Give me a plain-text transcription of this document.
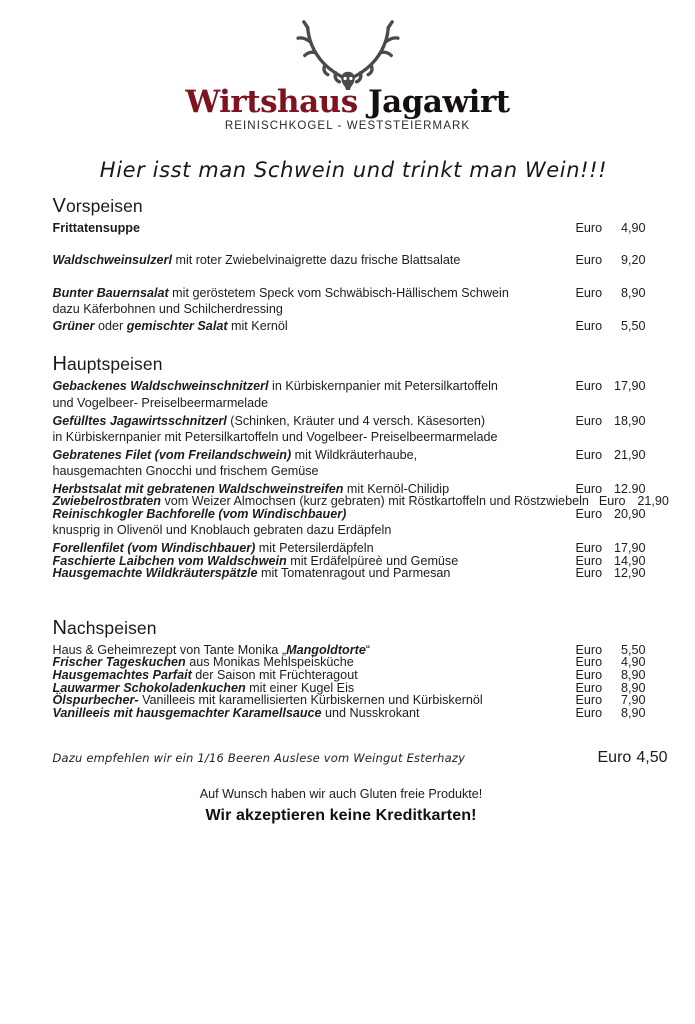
Wirtshaus Jagawirt
REINISCHKOGEL - WESTSTEIERMARK
Hier isst man Schwein und trinkt man Wein!!!
Vorspeisen
Frittatensuppe	Euro 4,90
Waldschweinsulzerl mit roter Zwiebelvinaigrette dazu frische Blattsalate	Euro 9,20
Bunter Bauernsalat mit geröstetem Speck vom Schwäbisch-Hällischem Schwein	Euro 8,90
dazu Käferbohnen und Schilcherdressing
Grüner oder gemischter Salat mit Kernöl	Euro 5,50
Hauptspeisen
Gebackenes Waldschweinschnitzerl in Kürbiskernpanier mit Petersilkartoffeln	Euro 17,90
und Vogelbeer- Preiselbeermarmelade
Gefülltes Jagawirtsschnitzerl (Schinken, Kräuter und 4 versch. Käsesorten)	Euro 18,90
in Kürbiskernpanier mit Petersilkartoffeln und Vogelbeer- Preiselbeermarmelade
Gebratenes Filet (vom Freilandschwein) mit Wildkräuterhaube,	Euro 21,90
hausgemachten Gnocchi und frischem Gemüse
Herbstsalat mit gebratenen Waldschweinstreifen mit Kernöl-Chilidip	Euro 12.90
Zwiebelrostbraten vom Weizer Almochsen (kurz gebraten) mit Röstkartoffeln und Röstzwiebeln Euro 21,90
Reinischkogler Bachforelle (vom Windischbauer)	Euro 20,90
knusprig in Olivenöl und Knoblauch gebraten dazu Erdäpfeln
Forellenfilet (vom Windischbauer) mit Petersilerdäpfeln	Euro 17,90
Faschierte Laibchen vom Waldschwein mit Erdäfelpüreè und Gemüse	Euro 14,90
Hausgemachte Wildkräuterspätzle mit Tomatenragout und Parmesan	Euro 12,90
Nachspeisen
Haus & Geheimrezept von Tante Monika „Mangoldtorte“	Euro 5,50
Frischer Tageskuchen aus Monikas Mehlspeisküche	Euro 4,90
Hausgemachtes Parfait der Saison mit Früchteragout	Euro 8,90
Lauwarmer Schokoladenkuchen mit einer Kugel Eis	Euro 8,90
Ölspurbecher- Vanilleeis mit karamellisierten Kürbiskernen und Kürbiskernöl	Euro 7,90
Vanilleeis mit hausgemachter Karamellsauce und Nusskrokant	Euro 8,90
Dazu empfehlen wir ein 1/16 Beeren Auslese vom Weingut Esterhazy	Euro 4,50
Auf Wunsch haben wir auch Gluten freie Produkte!
Wir akzeptieren keine Kreditkarten!
